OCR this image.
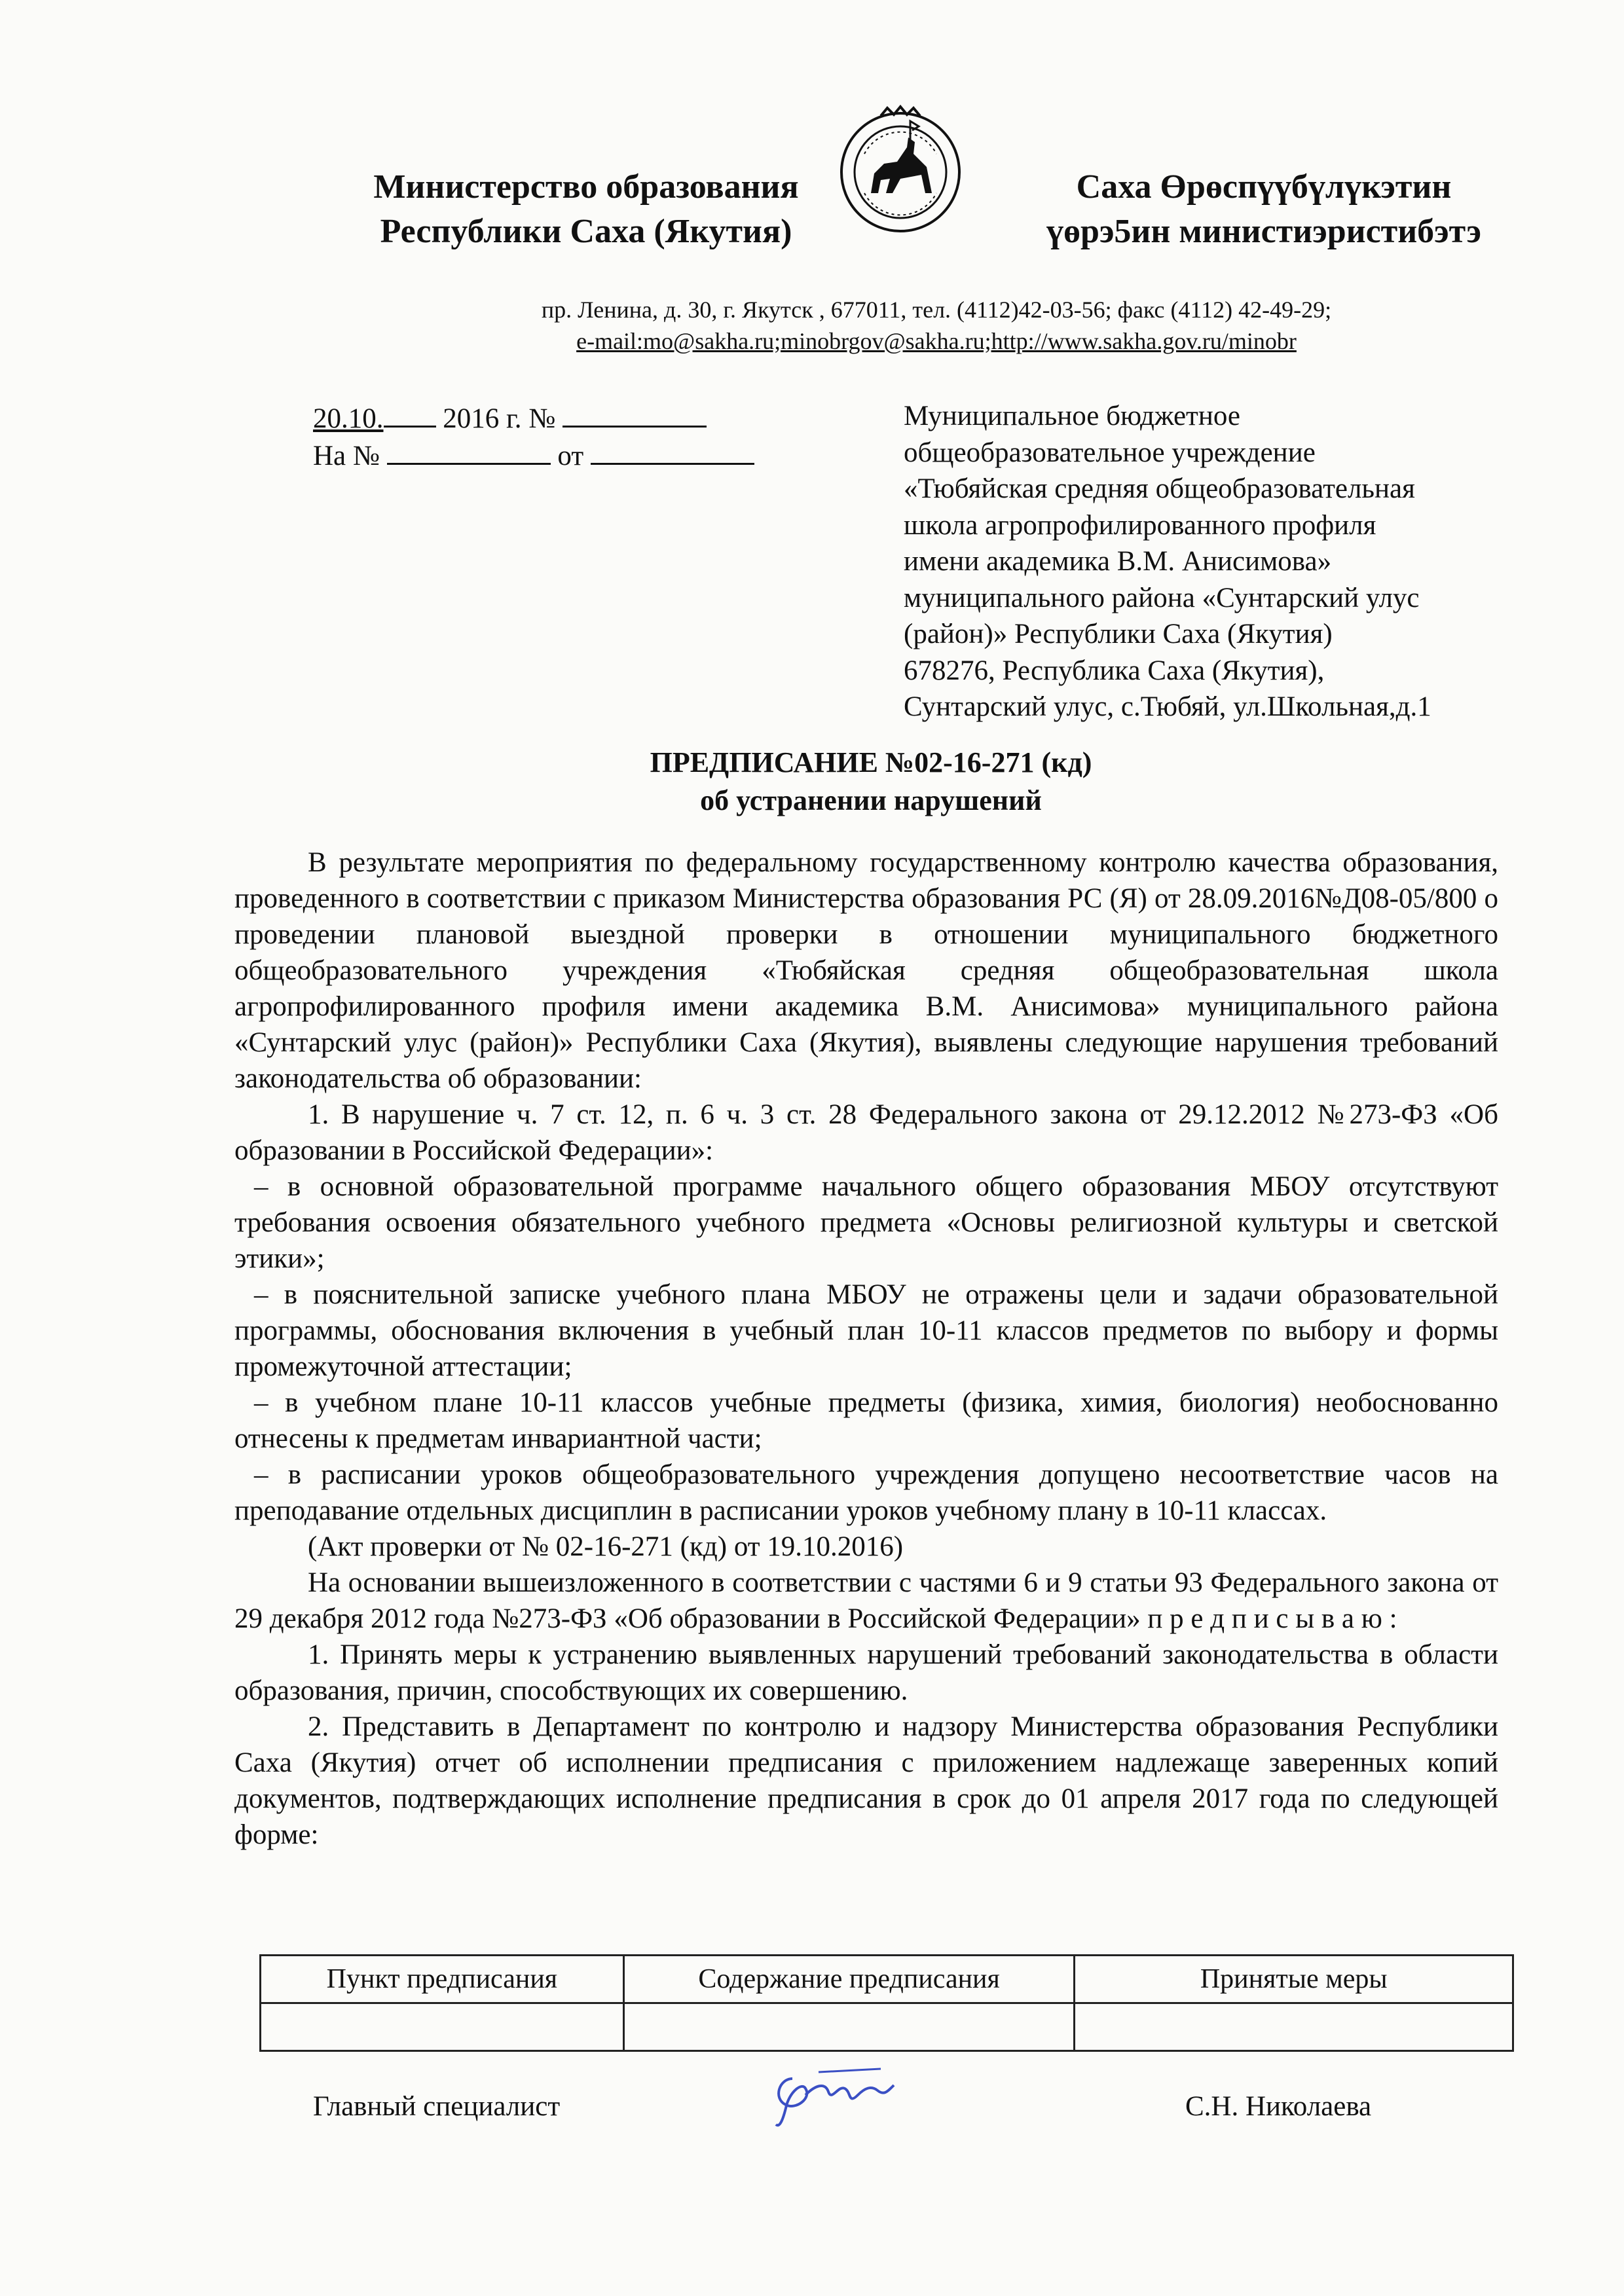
Министерство образования
Республики Саха (Якутия)
Саха Өрөспүүбүлүкэтин
үөрэ5ин министиэристибэтэ
пр. Ленина, д. 30, г. Якутск , 677011, тел. (4112)42-03-56; факс (4112) 42-49-29;
e-mail:mo@sakha.ru;minobrgov@sakha.ru;http://www.sakha.gov.ru/minobr
20.10. 2016 г. №
На №	от
Муниципальное бюджетное
общеобразовательное учреждение
«Тюбяйская средняя общеобразовательная
школа агропрофилированного профиля
имени академика В.М. Анисимова»
муниципального района «Сунтарский улус
(район)» Республики Саха (Якутия)
678276, Республика Саха (Якутия),
Сунтарский улус, с.Тюбяй, ул.Школьная,д.1
ПРЕДПИСАНИЕ №02-16-271 (кд)
об устранении нарушений
В результате мероприятия по федеральному государственному контролю качества образования, проведенного в соответствии с приказом Министерства образования РС (Я) от 28.09.2016№Д08-05/800 о проведении плановой выездной проверки в отношении муниципального бюджетного общеобразовательного учреждения «Тюбяйская средняя общеобразовательная школа агропрофилированного профиля имени академика В.М. Анисимова» муниципального района «Сунтарский улус (район)» Республики Саха (Якутия), выявлены следующие нарушения требований законодательства об образовании:
1. В нарушение ч. 7 ст. 12, п. 6 ч. 3 ст. 28 Федерального закона от 29.12.2012 №273-ФЗ «Об образовании в Российской Федерации»:
– в основной образовательной программе начального общего образования МБОУ отсутствуют требования освоения обязательного учебного предмета «Основы религиозной культуры и светской этики»;
– в пояснительной записке учебного плана МБОУ не отражены цели и задачи образовательной программы, обоснования включения в учебный план 10-11 классов предметов по выбору и формы промежуточной аттестации;
– в учебном плане 10-11 классов учебные предметы (физика, химия, биология) необоснованно отнесены к предметам инвариантной части;
– в расписании уроков общеобразовательного учреждения допущено несоответствие часов на преподавание отдельных дисциплин в расписании уроков учебному плану в 10-11 классах.
(Акт проверки от № 02-16-271 (кд) от 19.10.2016)
На основании вышеизложенного в соответствии с частями 6 и 9 статьи 93 Федерального закона от 29 декабря 2012 года №273-ФЗ «Об образовании в Российской Федерации» п р е д п и с ы в а ю :
1. Принять меры к устранению выявленных нарушений требований законодательства в области образования, причин, способствующих их совершению.
2. Представить в Департамент по контролю и надзору Министерства образования Республики Саха (Якутия) отчет об исполнении предписания с приложением надлежаще заверенных копий документов, подтверждающих исполнение предписания в срок до 01 апреля 2017 года по следующей форме:
Пункт предписания	Содержание предписания	Принятые меры

Главный специалист	С.Н. Николаева
